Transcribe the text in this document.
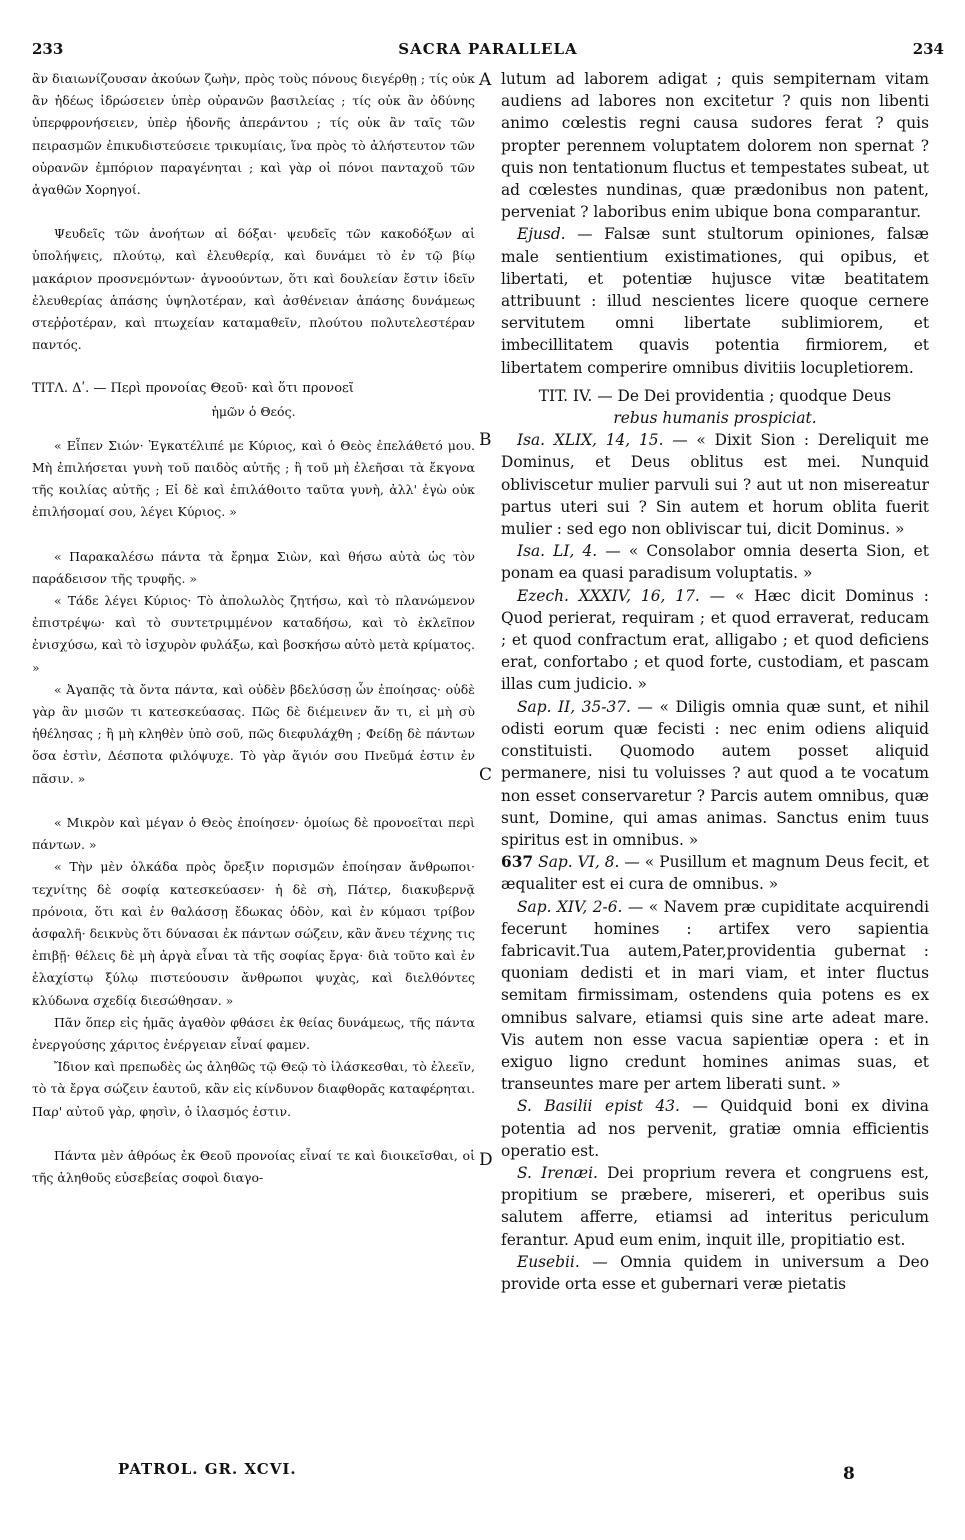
233	SACRA PARALLELA	234
A
B
C
D

ἂν διαιωνίζουσαν ἀκούων ζωὴν, πρὸς τοὺς πόνους διεγέρθῃ ; τίς οὐκ ἂν ἡδέως ἱδρώσειεν ὑπὲρ οὐρανῶν βασιλείας ; τίς οὐκ ἂν ὀδύνης ὑπερφρονήσειεν, ὑπὲρ ἡδονῆς ἀπεράντου ; τίς οὐκ ἂν ταῖς τῶν πειρασμῶν ἐπικυδιστεύσειε τρικυμίαις, ἵνα πρὸς τὸ ἀλήστευτον τῶν οὐρανῶν ἐμπόριον παραγένηται ; καὶ γὰρ οἱ πόνοι πανταχοῦ τῶν ἀγαθῶν Χορηγοί.

Ψευδεῖς τῶν ἀνοήτων αἱ δόξαι· ψευδεῖς τῶν κακοδόξων αἱ ὑπολήψεις, πλούτῳ, καὶ ἐλευθερίᾳ, καὶ δυνάμει τὸ ἐν τῷ βίῳ μακάριον προσνεμόντων· ἀγνοούντων, ὅτι καὶ δουλείαν ἔστιν ἰδεῖν ἐλευθερίας ἁπάσης ὑψηλοτέραν, καὶ ἀσθένειαν ἁπάσης δυνάμεως στεῤῥοτέραν, καὶ πτωχείαν καταμαθεῖν, πλούτου πολυτελεστέραν παντός.

ΤΙΤΛ. Δʹ. — Περὶ προνοίας Θεοῦ· καὶ ὅτι προνοεῖ

ἡμῶν ὁ Θεός.

« Εἶπεν Σιών· Ἐγκατέλιπέ με Κύριος, καὶ ὁ Θεὸς ἐπελάθετό μου. Μὴ ἐπιλήσεται γυνὴ τοῦ παιδὸς αὐτῆς ; ἢ τοῦ μὴ ἐλεῆσαι τὰ ἔκγονα τῆς κοιλίας αὐτῆς ; Εἰ δὲ καὶ ἐπιλάθοιτο ταῦτα γυνὴ, ἀλλ' ἐγὼ οὐκ ἐπιλήσομαί σου, λέγει Κύριος. »

« Παρακαλέσω πάντα τὰ ἔρημα Σιὼν, καὶ θήσω αὐτὰ ὡς τὸν παράδεισον τῆς τρυφῆς. »

« Τάδε λέγει Κύριος· Τὸ ἀπολωλὸς ζητήσω, καὶ τὸ πλανώμενον ἐπιστρέψω· καὶ τὸ συντετριμμένον καταδήσω, καὶ τὸ ἐκλεῖπον ἐνισχύσω, καὶ τὸ ἰσχυρὸν φυλάξω, καὶ βοσκήσω αὐτὸ μετὰ κρίματος. »

« Ἀγαπᾷς τὰ ὄντα πάντα, καὶ οὐδὲν βδελύσσῃ ὧν ἐποίησας· οὐδὲ γὰρ ἂν μισῶν τι κατεσκεύασας. Πῶς δὲ διέμεινεν ἄν τι, εἰ μὴ σὺ ἠθέλησας ; ἢ μὴ κληθὲν ὑπὸ σοῦ, πῶς διεφυλάχθη ; Φείδῃ δὲ πάντων ὅσα ἐστὶν, Δέσποτα φιλόψυχε. Τὸ γὰρ ἅγιόν σου Πνεῦμά ἐστιν ἐν πᾶσιν. »

« Μικρὸν καὶ μέγαν ὁ Θεὸς ἐποίησεν· ὁμοίως δὲ προνοεῖται περὶ πάντων. »

« Τὴν μὲν ὁλκάδα πρὸς ὄρεξιν πορισμῶν ἐποίησαν ἄνθρωποι· τεχνίτης δὲ σοφίᾳ κατεσκεύασεν· ἡ δὲ σὴ, Πάτερ, διακυβερνᾷ πρόνοια, ὅτι καὶ ἐν θαλάσσῃ ἔδωκας ὁδὸν, καὶ ἐν κύμασι τρίβον ἀσφαλῆ· δεικνὺς ὅτι δύνασαι ἐκ πάντων σώζειν, κἂν ἄνευ τέχνης τις ἐπιβῇ· θέλεις δὲ μὴ ἀργὰ εἶναι τὰ τῆς σοφίας ἔργα· διὰ τοῦτο καὶ ἐν ἐλαχίστῳ ξύλῳ πιστεύουσιν ἄνθρωποι ψυχὰς, καὶ διελθόντες κλύδωνα σχεδίᾳ διεσώθησαν. »

Πᾶν ὅπερ εἰς ἡμᾶς ἀγαθὸν φθάσει ἐκ θείας δυνάμεως, τῆς πάντα ἐνεργούσης χάριτος ἐνέργειαν εἶναί φαμεν.

Ἴδιον καὶ πρεπωδὲς ὡς ἀληθῶς τῷ Θεῷ τὸ ἱλάσκεσθαι, τὸ ἐλεεῖν, τὸ τὰ ἔργα σώζειν ἑαυτοῦ, κἂν εἰς κίνδυνον διαφθορᾶς καταφέρηται. Παρ' αὐτοῦ γὰρ, φησὶν, ὁ ἱλασμός ἐστιν.

Πάντα μὲν ἀθρόως ἐκ Θεοῦ προνοίας εἶναί τε καὶ διοικεῖσθαι, οἱ τῆς ἀληθοῦς εὐσεβείας σοφοὶ διαγο-

lutum ad laborem adigat ; quis sempiternam vitam audiens ad labores non excitetur ? quis non libenti animo cœlestis regni causa sudores ferat ? quis propter perennem voluptatem dolorem non spernat ? quis non tentationum fluctus et tempestates subeat, ut ad cœlestes nundinas, quæ prædonibus non patent, perveniat ? laboribus enim ubique bona comparantur.

Ejusd. — Falsæ sunt stultorum opiniones, falsæ male sentientium existimationes, qui opibus, et libertati, et potentiæ hujusce vitæ beatitatem attribuunt : illud nescientes licere quoque cernere servitutem omni libertate sublimiorem, et imbecillitatem quavis potentia firmiorem, et libertatem comperire omnibus divitiis locupletiorem.

TIT. IV. — De Dei providentia ; quodque Deus

rebus humanis prospiciat.

Isa. XLIX, 14, 15. — « Dixit Sion : Dereliquit me Dominus, et Deus oblitus est mei. Nunquid obliviscetur mulier parvuli sui ? aut ut non misereatur partus uteri sui ? Sin autem et horum oblita fuerit mulier : sed ego non obliviscar tui, dicit Dominus. »

Isa. LI, 4. — « Consolabor omnia deserta Sion, et ponam ea quasi paradisum voluptatis. »

Ezech. XXXIV, 16, 17. — « Hæc dicit Dominus : Quod perierat, requiram ; et quod erraverat, reducam ; et quod confractum erat, alligabo ; et quod deficiens erat, confortabo ; et quod forte, custodiam, et pascam illas cum judicio. »

Sap. II, 35-37. — « Diligis omnia quæ sunt, et nihil odisti eorum quæ fecisti : nec enim odiens aliquid constituisti. Quomodo autem posset aliquid permanere, nisi tu voluisses ? aut quod a te vocatum non esset conservaretur ? Parcis autem omnibus, quæ sunt, Domine, qui amas animas. Sanctus enim tuus spiritus est in omnibus. »

637 Sap. VI, 8. — « Pusillum et magnum Deus fecit, et æqualiter est ei cura de omnibus. »

Sap. XIV, 2-6. — « Navem præ cupiditate acquirendi fecerunt homines : artifex vero sapientia fabricavit.Tua autem,Pater,providentia gubernat : quoniam dedisti et in mari viam, et inter fluctus semitam firmissimam, ostendens quia potens es ex omnibus salvare, etiamsi quis sine arte adeat mare. Vis autem non esse vacua sapientiæ opera : et in exiguo ligno credunt homines animas suas, et transeuntes mare per artem liberati sunt. »

S. Basilii epist 43. — Quidquid boni ex divina potentia ad nos pervenit, gratiæ omnia efficientis operatio est.

S. Irenæi. Dei proprium revera et congruens est, propitium se præbere, misereri, et operibus suis salutem afferre, etiamsi ad interitus periculum ferantur. Apud eum enim, inquit ille, propitiatio est.

Eusebii. — Omnia quidem in universum a Deo provide orta esse et gubernari veræ pietatis

PATROL. GR. XCVI.	8
